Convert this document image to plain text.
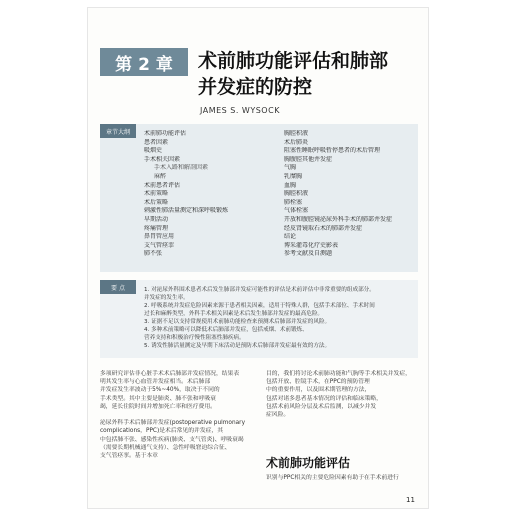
第 2 章	术前肺功能评估和肺部
并发症的防控
JAMES S. WYSOCK
章节大纲	术前肺功能评估
患者因素
吸烟史
手术相关因素
手术入路和解剖因素
麻醉
术前患者评估
术前策略
术后策略
刺激性肺活量测定和深呼吸锻炼
早期活动
疼痛管理
鼻胃管应用
支气管痉挛
肺不张
胸腔积液
术后肺炎
阻塞性睡眠呼吸暂停患者的术后管理
胸腹腔其他并发症
气胸
乳糜胸
血胸
胸腔积液
肺栓塞
气体栓塞
开放和腹腔镜泌尿外科手术的肺部并发症
经皮肾镜取石术的肺部并发症
结论
博采灌毒化疗史影表
参考文献及自测题
要 点	1. 对泌尿外科围术患者术后发生肺部并发症可能性的评估是术前评估中非常重要的组成部分。
并发症的发生率。
2. 呼吸系统并发症危险因素来源于患者相关因素，适用于特殊人群，包括手术部位、手术时间
过长和麻醉类型，外科手术相关因素是术后发生肺部并发症的最高危险。
3. 证据不足以支持常规使用术前肺功能检查来预测术后肺部并发症的风险。
4. 多种术前策略可以降低术后肺部并发症，包括戒烟、术前锻炼、
营养支持和积极治疗慢性阻塞性肺疾病。
5. 诱发性肺活量测定及早期下床活动是预防术后肺部并发症最有效的方法。
多项研究评估非心脏手术术后肺部并发症情况，结果表
明其发生率与心血管并发症相当。术后肺部
并发症发生率波动于5%~40%，取决于不同的
手术类型。其中主要是肺炎、肺不张和呼吸衰
竭，延长住院时间并增加死亡率和医疗费用。

泌尿外科手术后肺部并发症(postoperative pulmonary
complications，PPC)是术后常见的并发症，其
中包括肺不张、感染性疾病(肺炎、支气管炎)、呼吸衰竭
（需要长期机械通气支持）、急性呼吸窘迫综合征、
支气管痉挛。基于本章
目的，我们将讨论术前肺功能和气胸等手术相关并发症，
包括开放、腔镜手术，在PPC的预防管理
中的重要作用，以及围术期管理的方法，
包括对诸多患者基本情况的评估和临床策略，
包括术前风险分层及术后监测，以减少并发
症风险。
术前肺功能评估
识别与PPC相关的主要危险因素有助于在手术前进行
11
